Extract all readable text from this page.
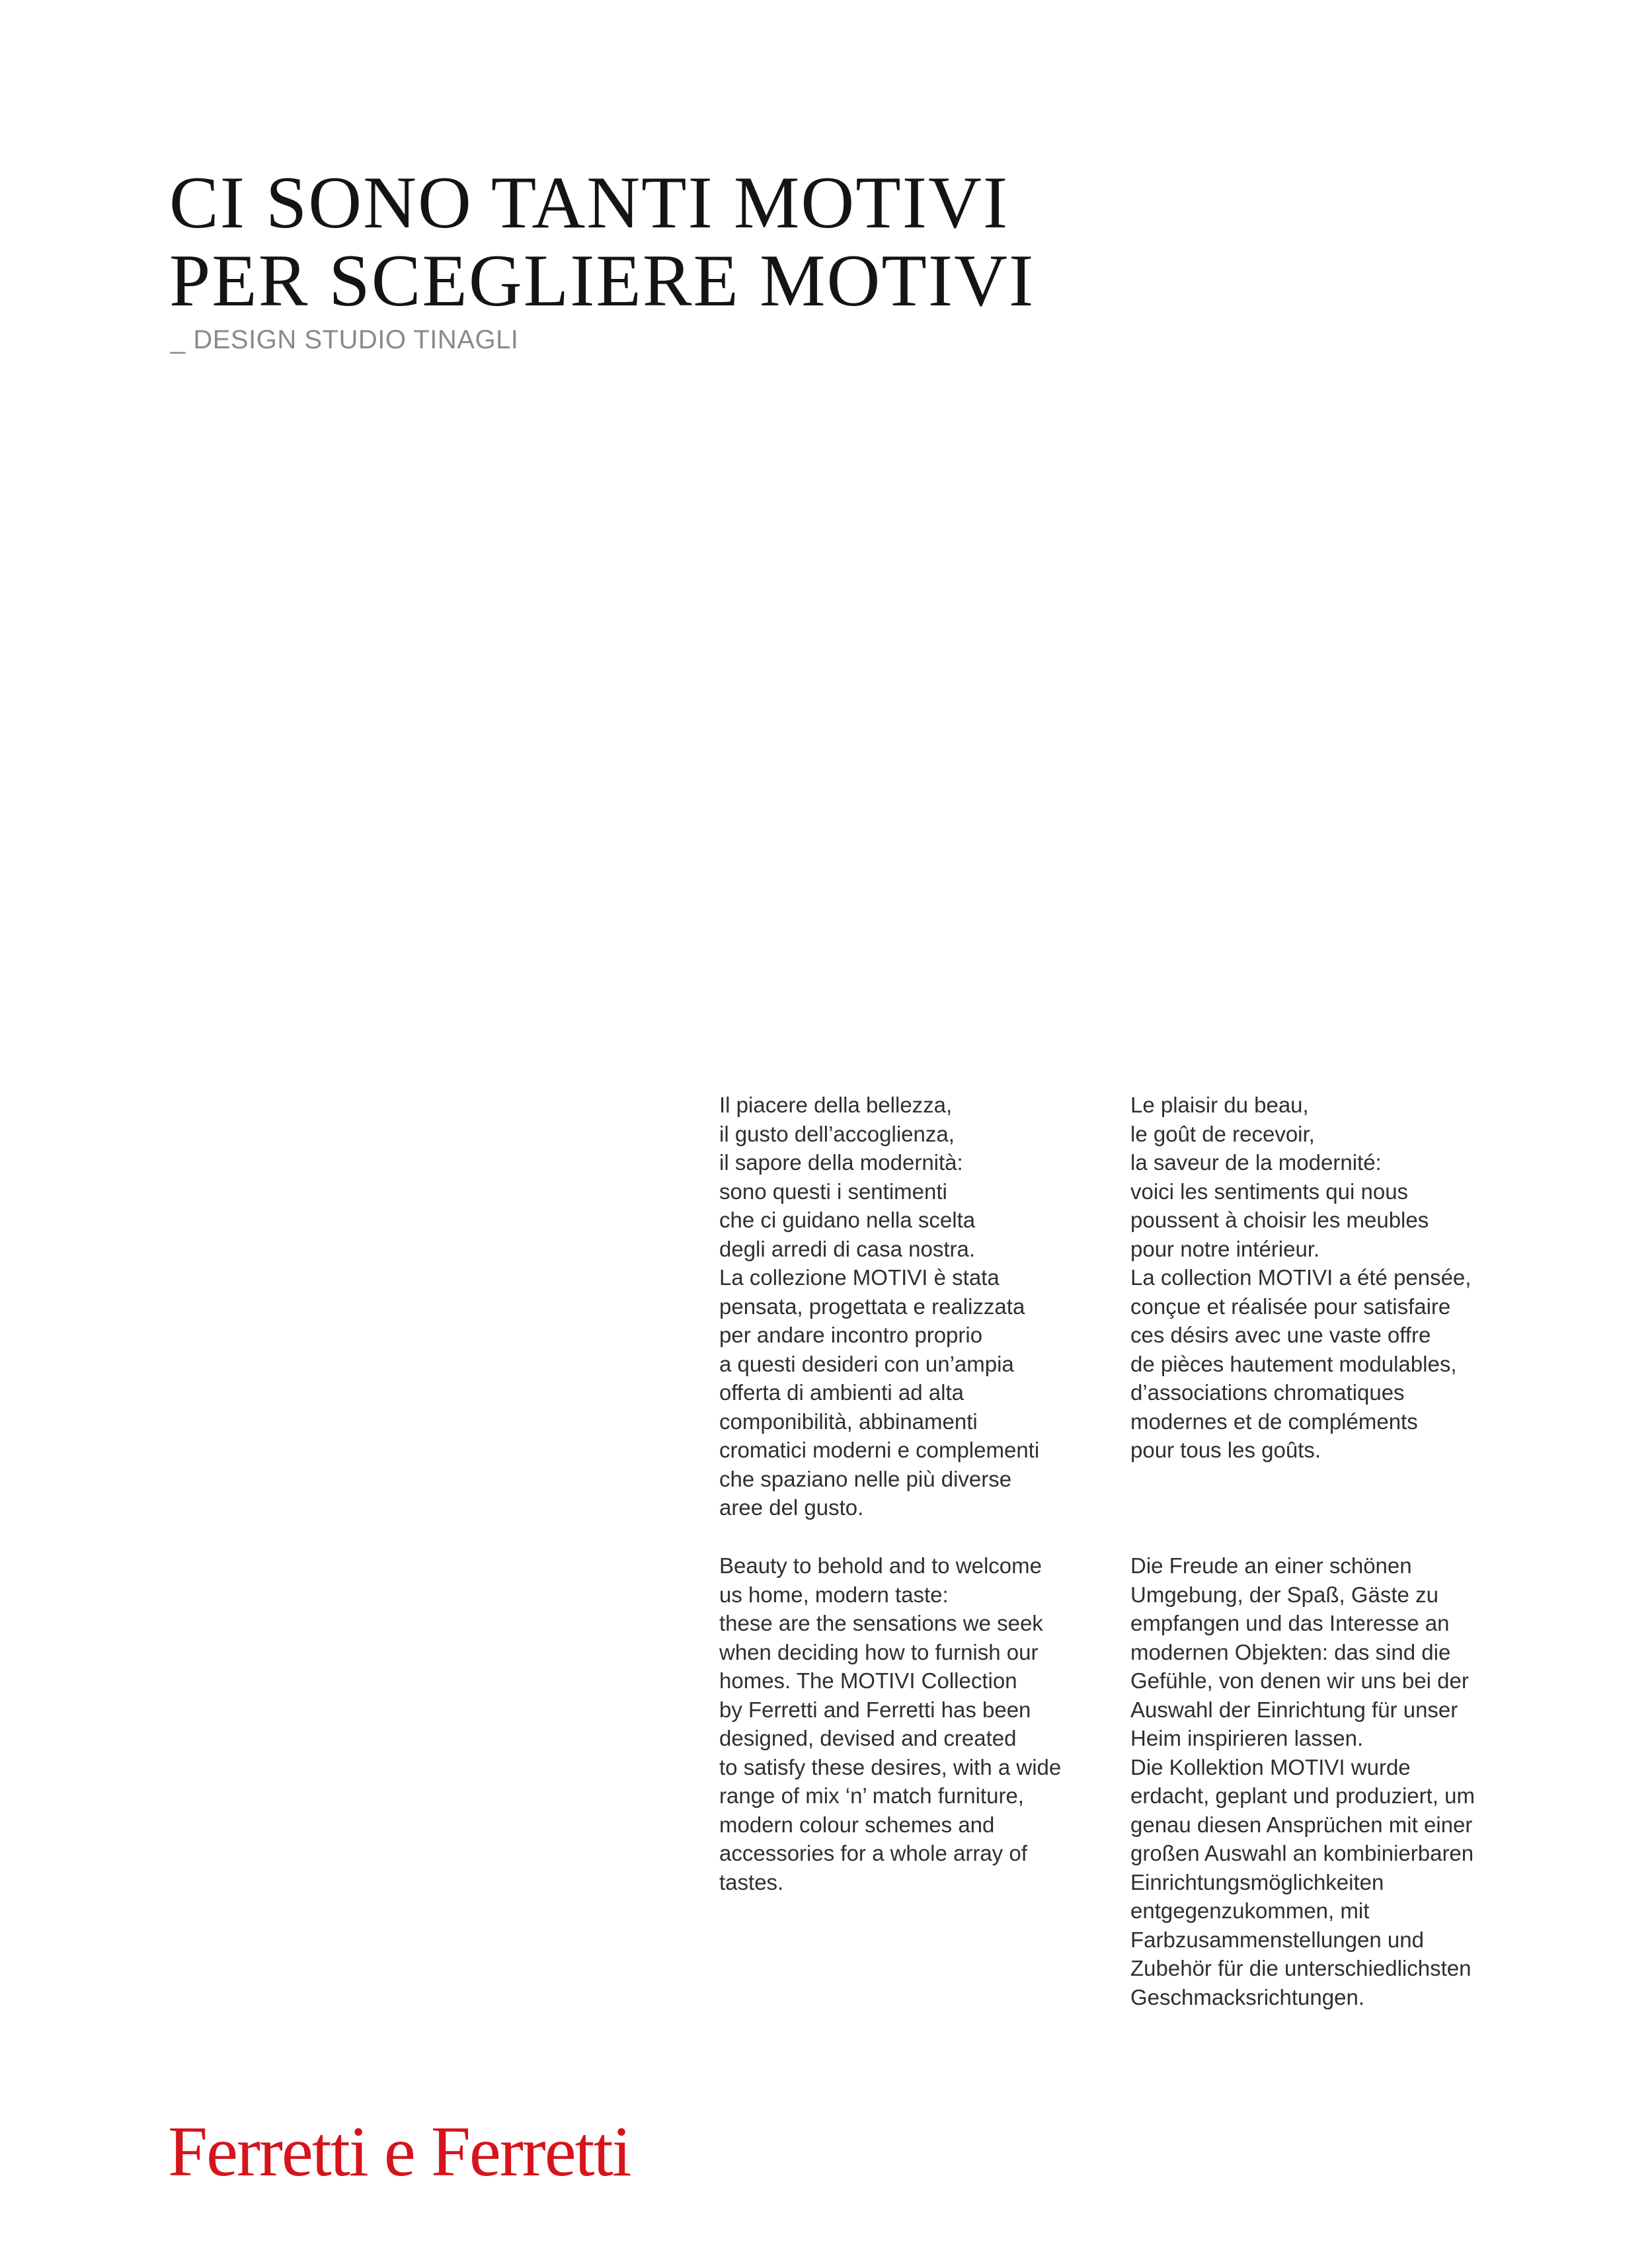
CI SONO TANTI MOTIVI
PER SCEGLIERE MOTIVI

_ DESIGN STUDIO TINAGLI

Il piacere della bellezza,
il gusto dell’accoglienza,
il sapore della modernità:
sono questi i sentimenti
che ci guidano nella scelta
degli arredi di casa nostra.
La collezione MOTIVI è stata
pensata, progettata e realizzata
per andare incontro proprio
a questi desideri con un’ampia
offerta di ambienti ad alta
componibilità, abbinamenti
cromatici moderni e complementi
che spaziano nelle più diverse
aree del gusto.
Le plaisir du beau,
le goût de recevoir,
la saveur de la modernité:
voici les sentiments qui nous
poussent à choisir les meubles
pour notre intérieur.
La collection MOTIVI a été pensée,
conçue et réalisée pour satisfaire
ces désirs avec une vaste offre
de pièces hautement modulables,
d’associations chromatiques
modernes et de compléments
pour tous les goûts.
Beauty to behold and to welcome
us home, modern taste:
these are the sensations we seek
when deciding how to furnish our
homes. The MOTIVI Collection
by Ferretti and Ferretti has been
designed, devised and created
to satisfy these desires, with a wide
range of mix ‘n’ match furniture,
modern colour schemes and
accessories for a whole array of
tastes.
Die Freude an einer schönen
Umgebung, der Spaß, Gäste zu
empfangen und das Interesse an
modernen Objekten: das sind die
Gefühle, von denen wir uns bei der
Auswahl der Einrichtung für unser
Heim inspirieren lassen.
Die Kollektion MOTIVI wurde
erdacht, geplant und produziert, um
genau diesen Ansprüchen mit einer
großen Auswahl an kombinierbaren
Einrichtungsmöglichkeiten
entgegenzukommen, mit
Farbzusammenstellungen und
Zubehör für die unterschiedlichsten
Geschmacksrichtungen.
Ferretti e Ferretti
